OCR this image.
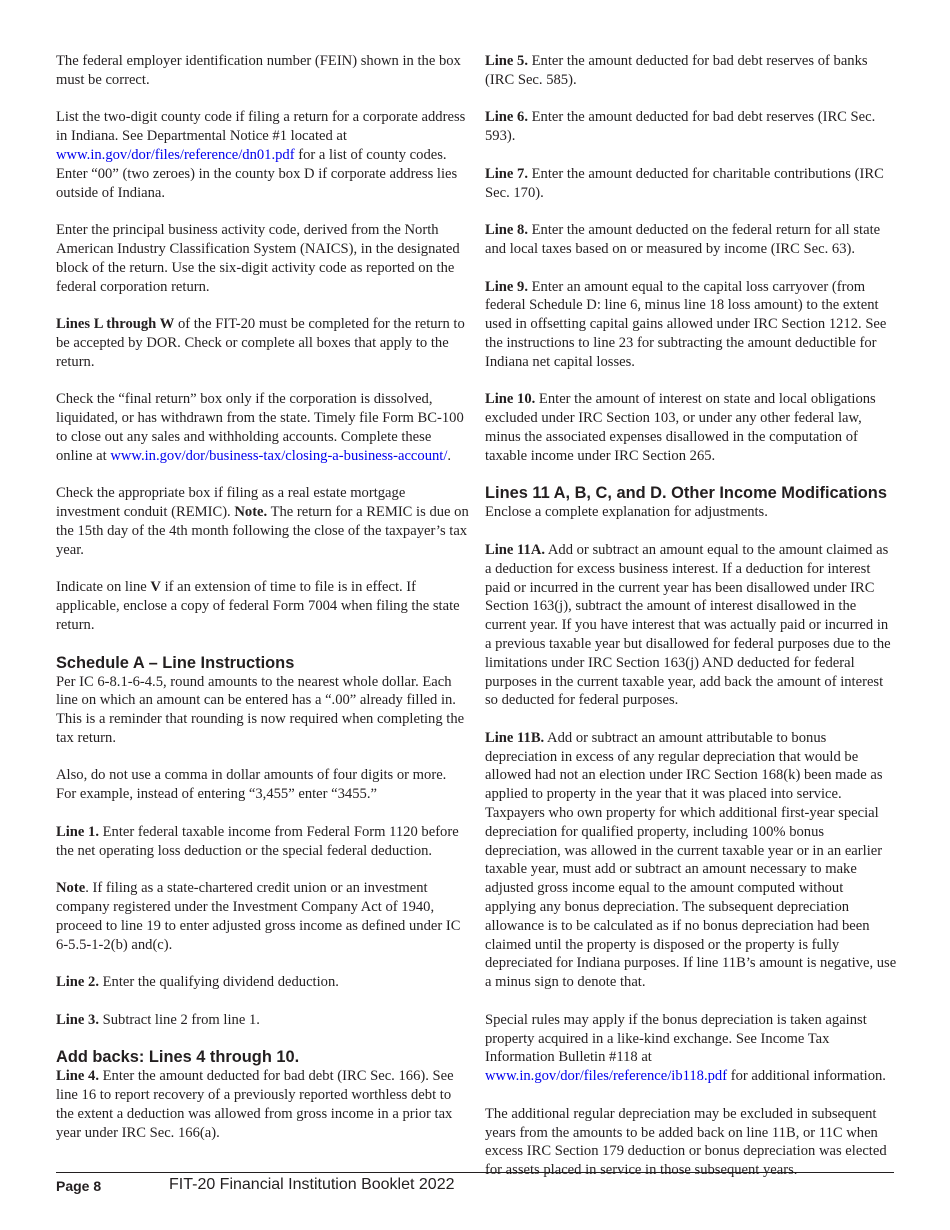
The federal employer identification number (FEIN) shown in the box must be correct.

List the two-digit county code if filing a return for a corporate address in Indiana. See Departmental Notice #1 located at www.in.gov/dor/files/reference/dn01.pdf for a list of county codes. Enter “00” (two zeroes) in the county box D if corporate address lies outside of Indiana.

Enter the principal business activity code, derived from the North American Industry Classification System (NAICS), in the designated block of the return. Use the six-digit activity code as reported on the federal corporation return.

Lines L through W of the FIT-20 must be completed for the return to be accepted by DOR. Check or complete all boxes that apply to the return.

Check the “final return” box only if the corporation is dissolved, liquidated, or has withdrawn from the state. Timely file Form BC-100 to close out any sales and withholding accounts. Complete these online at www.in.gov/dor/business-tax/closing-a-business-account/.

Check the appropriate box if filing as a real estate mortgage investment conduit (REMIC). Note. The return for a REMIC is due on the 15th day of the 4th month following the close of the taxpayer’s tax year.

Indicate on line V if an extension of time to file is in effect. If applicable, enclose a copy of federal Form 7004 when filing the state return.

Schedule A – Line Instructions

Per IC 6-8.1-6-4.5, round amounts to the nearest whole dollar. Each line on which an amount can be entered has a “.00” already filled in. This is a reminder that rounding is now required when completing the tax return.

Also, do not use a comma in dollar amounts of four digits or more. For example, instead of entering “3,455” enter “3455.”

Line 1. Enter federal taxable income from Federal Form 1120 before the net operating loss deduction or the special federal deduction.

Note. If filing as a state-chartered credit union or an investment company registered under the Investment Company Act of 1940, proceed to line 19 to enter adjusted gross income as defined under IC 6-5.5-1-2(b) and(c).

Line 2. Enter the qualifying dividend deduction.

Line 3. Subtract line 2 from line 1.

Add backs: Lines 4 through 10.

Line 4. Enter the amount deducted for bad debt (IRC Sec. 166). See line 16 to report recovery of a previously reported worthless debt to the extent a deduction was allowed from gross income in a prior tax year under IRC Sec. 166(a).

Line 5. Enter the amount deducted for bad debt reserves of banks (IRC Sec. 585).

Line 6. Enter the amount deducted for bad debt reserves (IRC Sec. 593).

Line 7. Enter the amount deducted for charitable contributions (IRC Sec. 170).

Line 8. Enter the amount deducted on the federal return for all state and local taxes based on or measured by income (IRC Sec. 63).

Line 9. Enter an amount equal to the capital loss carryover (from federal Schedule D: line 6, minus line 18 loss amount) to the extent used in offsetting capital gains allowed under IRC Section 1212. See the instructions to line 23 for subtracting the amount deductible for Indiana net capital losses.

Line 10. Enter the amount of interest on state and local obligations excluded under IRC Section 103, or under any other federal law, minus the associated expenses disallowed in the computation of taxable income under IRC Section 265.

Lines 11 A, B, C, and D. Other Income Modifications

Enclose a complete explanation for adjustments.

Line 11A. Add or subtract an amount equal to the amount claimed as a deduction for excess business interest. If a deduction for interest paid or incurred in the current year has been disallowed under IRC Section 163(j), subtract the amount of interest disallowed in the current year. If you have interest that was actually paid or incurred in a previous taxable year but disallowed for federal purposes due to the limitations under IRC Section 163(j) AND deducted for federal purposes in the current taxable year, add back the amount of interest so deducted for federal purposes.

Line 11B. Add or subtract an amount attributable to bonus depreciation in excess of any regular depreciation that would be allowed had not an election under IRC Section 168(k) been made as applied to property in the year that it was placed into service. Taxpayers who own property for which additional first-year special depreciation for qualified property, including 100% bonus depreciation, was allowed in the current taxable year or in an earlier taxable year, must add or subtract an amount necessary to make adjusted gross income equal to the amount computed without applying any bonus depreciation. The subsequent depreciation allowance is to be calculated as if no bonus depreciation had been claimed until the property is disposed or the property is fully depreciated for Indiana purposes. If line 11B’s amount is negative, use a minus sign to denote that.

Special rules may apply if the bonus depreciation is taken against property acquired in a like-kind exchange. See Income Tax Information Bulletin #118 at www.in.gov/dor/files/reference/ib118.pdf for additional information.

The additional regular depreciation may be excluded in subsequent years from the amounts to be added back on line 11B, or 11C when excess IRC Section 179 deduction or bonus depreciation was elected for assets placed in service in those subsequent years.

Page 8	FIT-20 Financial Institution Booklet 2022
